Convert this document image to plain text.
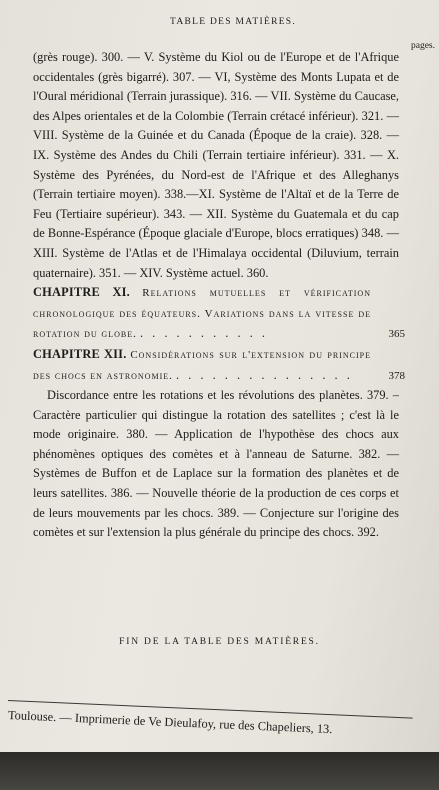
TABLE DES MATIÈRES.
pages.

(grès rouge). 300. — V. Système du Kiol ou de l'Europe et de l'Afrique occidentales (grès bigarré). 307. — VI, Système des Monts Lupata et de l'Oural méridional (Terrain jurassique). 316. — VII. Système du Caucase, des Alpes orientales et de la Colombie (Terrain crétacé inférieur). 321. — VIII. Système de la Guinée et du Canada (Époque de la craie). 328. — IX. Système des Andes du Chili (Terrain tertiaire inférieur). 331. — X. Système des Pyrénées, du Nord-est de l'Afrique et des Alleghanys (Terrain tertiaire moyen). 338.—XI. Système de l'Altaï et de la Terre de Feu (Tertiaire supérieur). 343. — XII. Système du Guatemala et du cap de Bonne-Espérance (Époque glaciale d'Europe, blocs erratiques) 348. — XIII. Système de l'Atlas et de l'Himalaya occidental (Diluvium, terrain quaternaire). 351. — XIV. Système actuel. 360.

CHAPITRE XI. Relations mutuelles et vérification chronologique des équateurs. Variations dans la vitesse de rotation du globe. . . . . . . . . . . .	365

CHAPITRE XII. Considérations sur l'extension du principe des chocs en astronomie. . . . . . . . . . . . . . . .	378

Discordance entre les rotations et les révolutions des planètes. 379. – Caractère particulier qui distingue la rotation des satellites ; c'est là le mode originaire. 380. — Application de l'hypothèse des chocs aux phénomènes optiques des comètes et à l'anneau de Saturne. 382. — Systèmes de Buffon et de Laplace sur la formation des planètes et de leurs satellites. 386. — Nouvelle théorie de la production de ces corps et de leurs mouvements par les chocs. 389. — Conjecture sur l'origine des comètes et sur l'extension la plus générale du principe des chocs. 392.

FIN DE LA TABLE DES MATIÈRES.
Toulouse. — Imprimerie de Ve Dieulafoy, rue des Chapeliers, 13.
